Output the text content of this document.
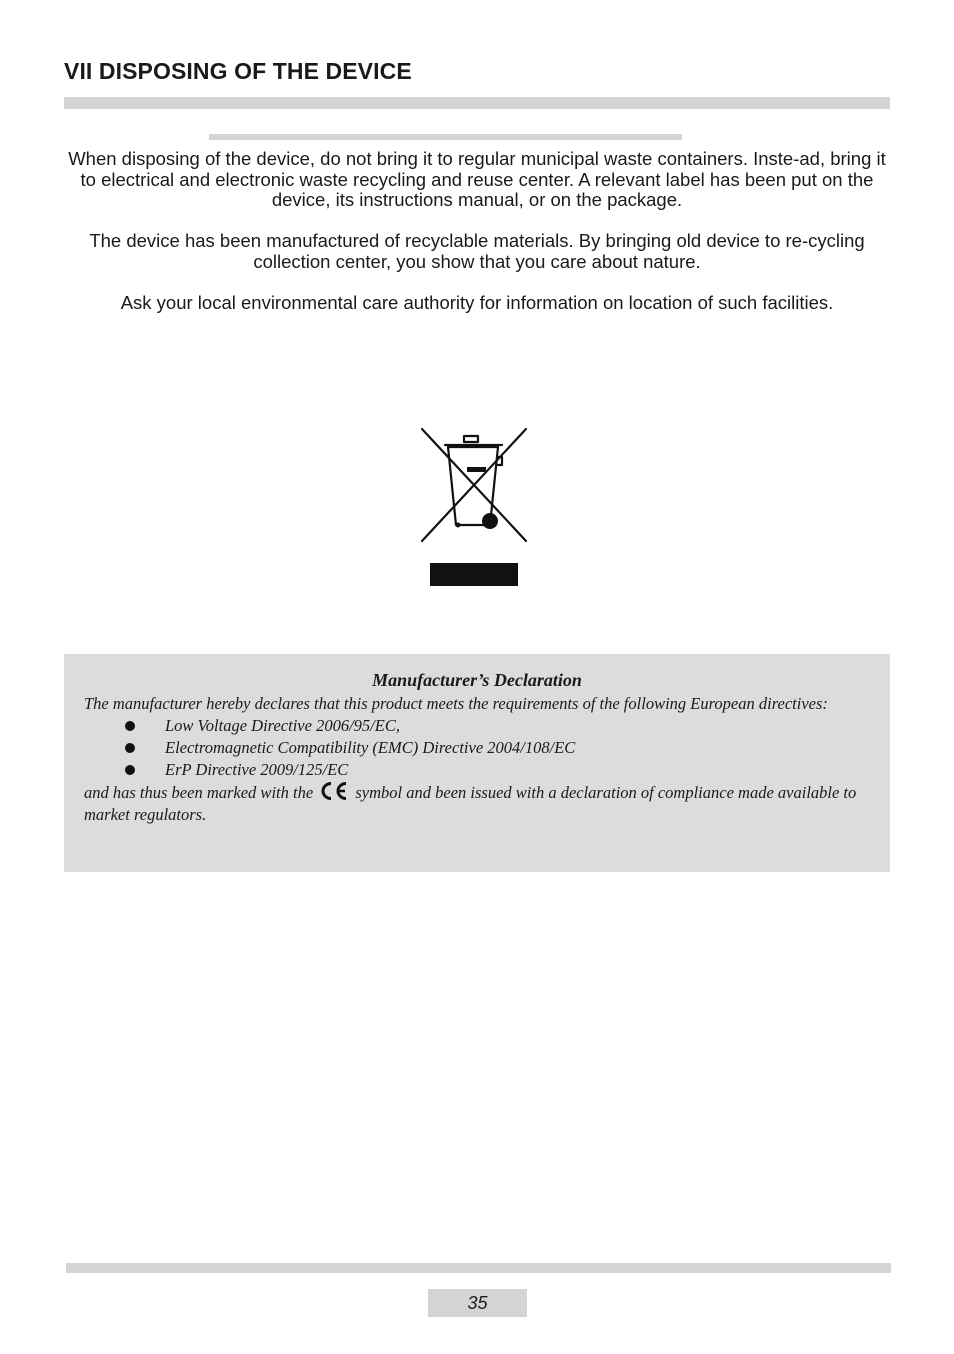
VII DISPOSING OF THE DEVICE

When disposing of the device, do not bring it to regular municipal waste containers. Inste-ad, bring it to electrical and electronic waste recycling and reuse center. A relevant label has been put on the device, its instructions manual, or on the package.

The device has been manufactured of recyclable materials. By bringing old device to re-cycling collection center, you show that you care about nature.

Ask your local environmental care authority for information on location of such facilities.

Manufacturer’s Declaration

The manufacturer hereby declares that this product meets the requirements of the following European directives:

Low Voltage Directive 2006/95/EC,
Electromagnetic Compatibility (EMC) Directive 2004/108/EC
ErP Directive 2009/125/EC

and has thus been marked with the	symbol and been issued with a declaration of compliance made available to market regulators.

35
